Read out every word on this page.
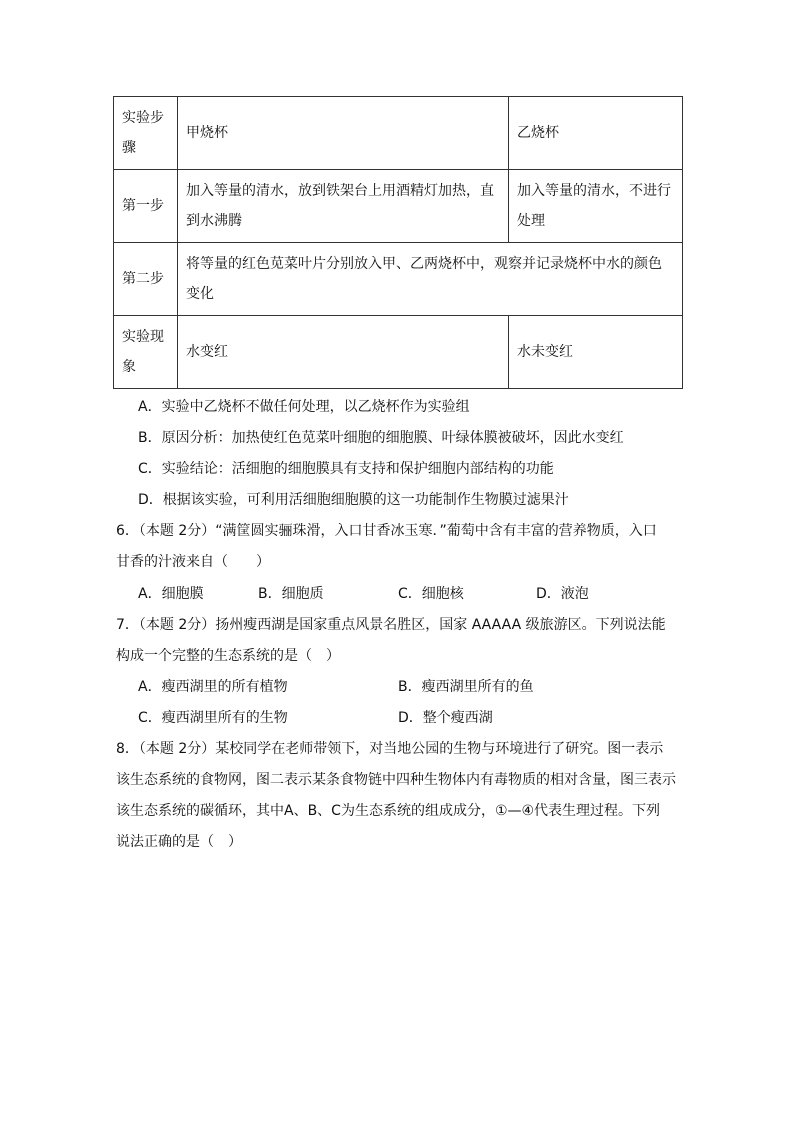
实验步骤	甲烧杯	乙烧杯
第一步	加入等量的清水，放到铁架台上用酒精灯加热，直到水沸腾	加入等量的清水，不进行处理
第二步	将等量的红色苋菜叶片分别放入甲、乙两烧杯中，观察并记录烧杯中水的颜色变化	
实验现象	水变红	水未变红
A．实验中乙烧杯不做任何处理，以乙烧杯作为实验组
B．原因分析：加热使红色苋菜叶细胞的细胞膜、叶绿体膜被破坏，因此水变红
C．实验结论：活细胞的细胞膜具有支持和保护细胞内部结构的功能
D．根据该实验，可利用活细胞细胞膜的这一功能制作生物膜过滤果汁
6．（本题 2分）“满筐圆实骊珠滑，入口甘香冰玉寒．”葡萄中含有丰富的营养物质，入口
甘香的汁液来自（　　）
A．细胞膜	B．细胞质	C．细胞核	D．液泡
7．（本题 2分）扬州瘦西湖是国家重点风景名胜区，国家 AAAAA 级旅游区。下列说法能
构成一个完整的生态系统的是（　）
A．瘦西湖里的所有植物	B．瘦西湖里所有的鱼
C．瘦西湖里所有的生物	D．整个瘦西湖
8．（本题 2分）某校同学在老师带领下，对当地公园的生物与环境进行了研究。图一表示
该生态系统的食物网，图二表示某条食物链中四种生物体内有毒物质的相对含量，图三表示
该生态系统的碳循环，其中A、B、C为生态系统的组成成分，①—④代表生理过程。下列
说法正确的是（　）
